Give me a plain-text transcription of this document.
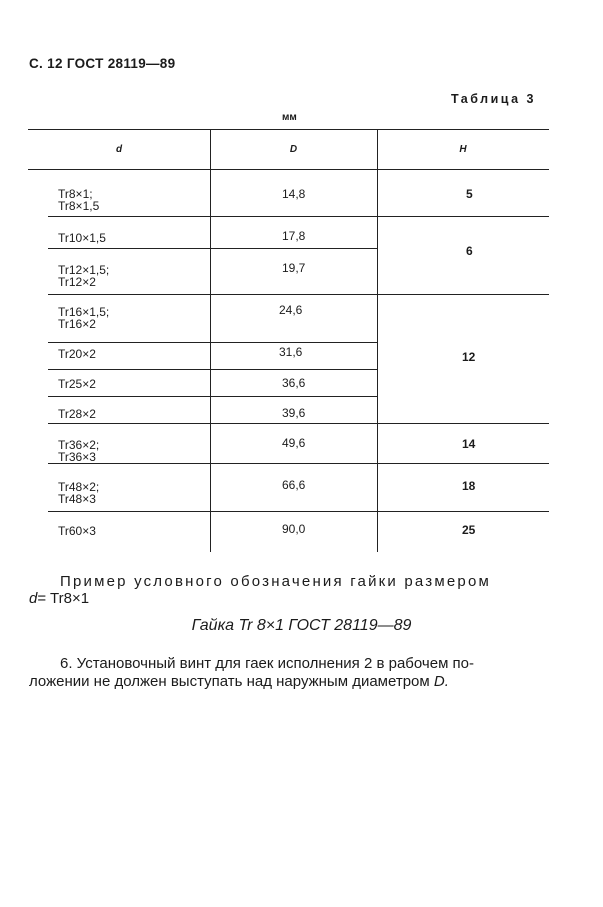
С. 12 ГОСТ 28119—89
Таблица 3
мм
d	D	H
Tr8×1;
Tr8×1,5
Tr10×1,5
Tr12×1,5;
Tr12×2
Tr16×1,5;
Tr16×2
Tr20×2
Tr25×2
Tr28×2
Tr36×2;
Tr36×3
Tr48×2;
Tr48×3
Tr60×3
14,8
17,8
19,7
24,6
31,6
36,6
39,6
49,6
66,6
90,0
5
6
12
14
18
25
Пример условного обозначения гайки размером
d= Tr8×1
Гайка Tr 8×1 ГОСТ 28119—89
6. Установочный винт для гаек исполнения 2 в рабочем по-
ложении не должен выступать над наружным диаметром D.
